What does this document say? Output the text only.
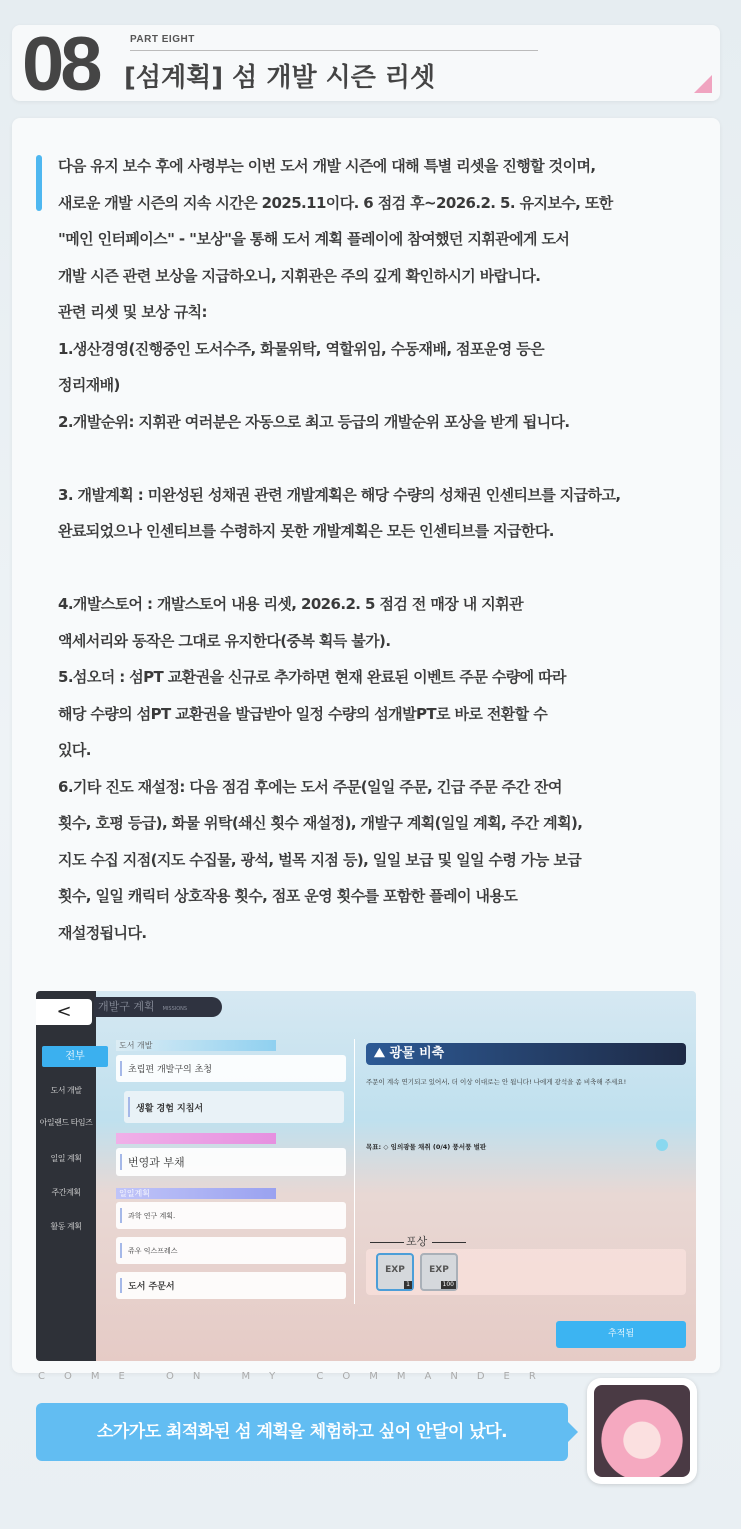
08	PART EIGHT
[섬계획] 섬 개발 시즌 리셋
다음 유지 보수 후에 사령부는 이번 도서 개발 시즌에 대해 특별 리셋을 진행할 것이며,
새로운 개발 시즌의 지속 시간은 2025.11이다. 6 점검 후~2026.2. 5. 유지보수, 또한
"메인 인터페이스" - "보상"을 통해 도서 계획 플레이에 참여했던 지휘관에게 도서
개발 시즌 관련 보상을 지급하오니, 지휘관은 주의 깊게 확인하시기 바랍니다.
관련 리셋 및 보상 규칙:
1.생산경영(진행중인 도서수주, 화물위탁, 역할위임, 수동재배, 점포운영 등은
정리재배)
2.개발순위: 지휘관 여러분은 자동으로 최고 등급의 개발순위 포상을 받게 됩니다.
3. 개발계획 : 미완성된 성채권 관련 개발계획은 해당 수량의 성채권 인센티브를 지급하고,
완료되었으나 인센티브를 수령하지 못한 개발계획은 모든 인센티브를 지급한다.
4.개발스토어 : 개발스토어 내용 리셋, 2026.2. 5 점검 전 매장 내 지휘관
액세서리와 동작은 그대로 유지한다(중복 획득 불가).
5.섬오더 : 섬PT 교환권을 신규로 추가하면 현재 완료된 이벤트 주문 수량에 따라
해당 수량의 섬PT 교환권을 발급받아 일정 수량의 섬개발PT로 바로 전환할 수
있다.
6.기타 진도 재설정: 다음 점검 후에는 도서 주문(일일 주문, 긴급 주문 주간 잔여
횟수, 호평 등급), 화물 위탁(쇄신 횟수 재설정), 개발구 계획(일일 계획, 주간 계획),
지도 수집 지점(지도 수집물, 광석, 벌목 지점 등), 일일 보급 및 일일 수령 가능 보급
횟수, 일일 캐릭터 상호작용 횟수, 점포 운영 횟수를 포함한 플레이 내용도
재설정됩니다.
<	개발구 계획 MISSIONS
전부
도서 개발
아일랜드 타임즈
일일 계획
주간계획
활동 계획
도서 개발
일일계획
초립편 개발구의 초청
생활 경험 지침서
번영과 부채
과학 연구 계획.
쥬우 익스프레스
도서 주문서
⛰ 광물 비축
주문이 계속 연기되고 있어서, 더 이상 이대로는 안 됩니다! 나에게 광석을 좀 비축해 주세요!
목표: ◇ 임의광물 채취 (0/4) 풍서풍 벌판
포상
EXP
1
EXP
100
추적됨
COME ON MY COMMANDER
소가가도 최적화된 섬 계획을 체험하고 싶어 안달이 났다.
